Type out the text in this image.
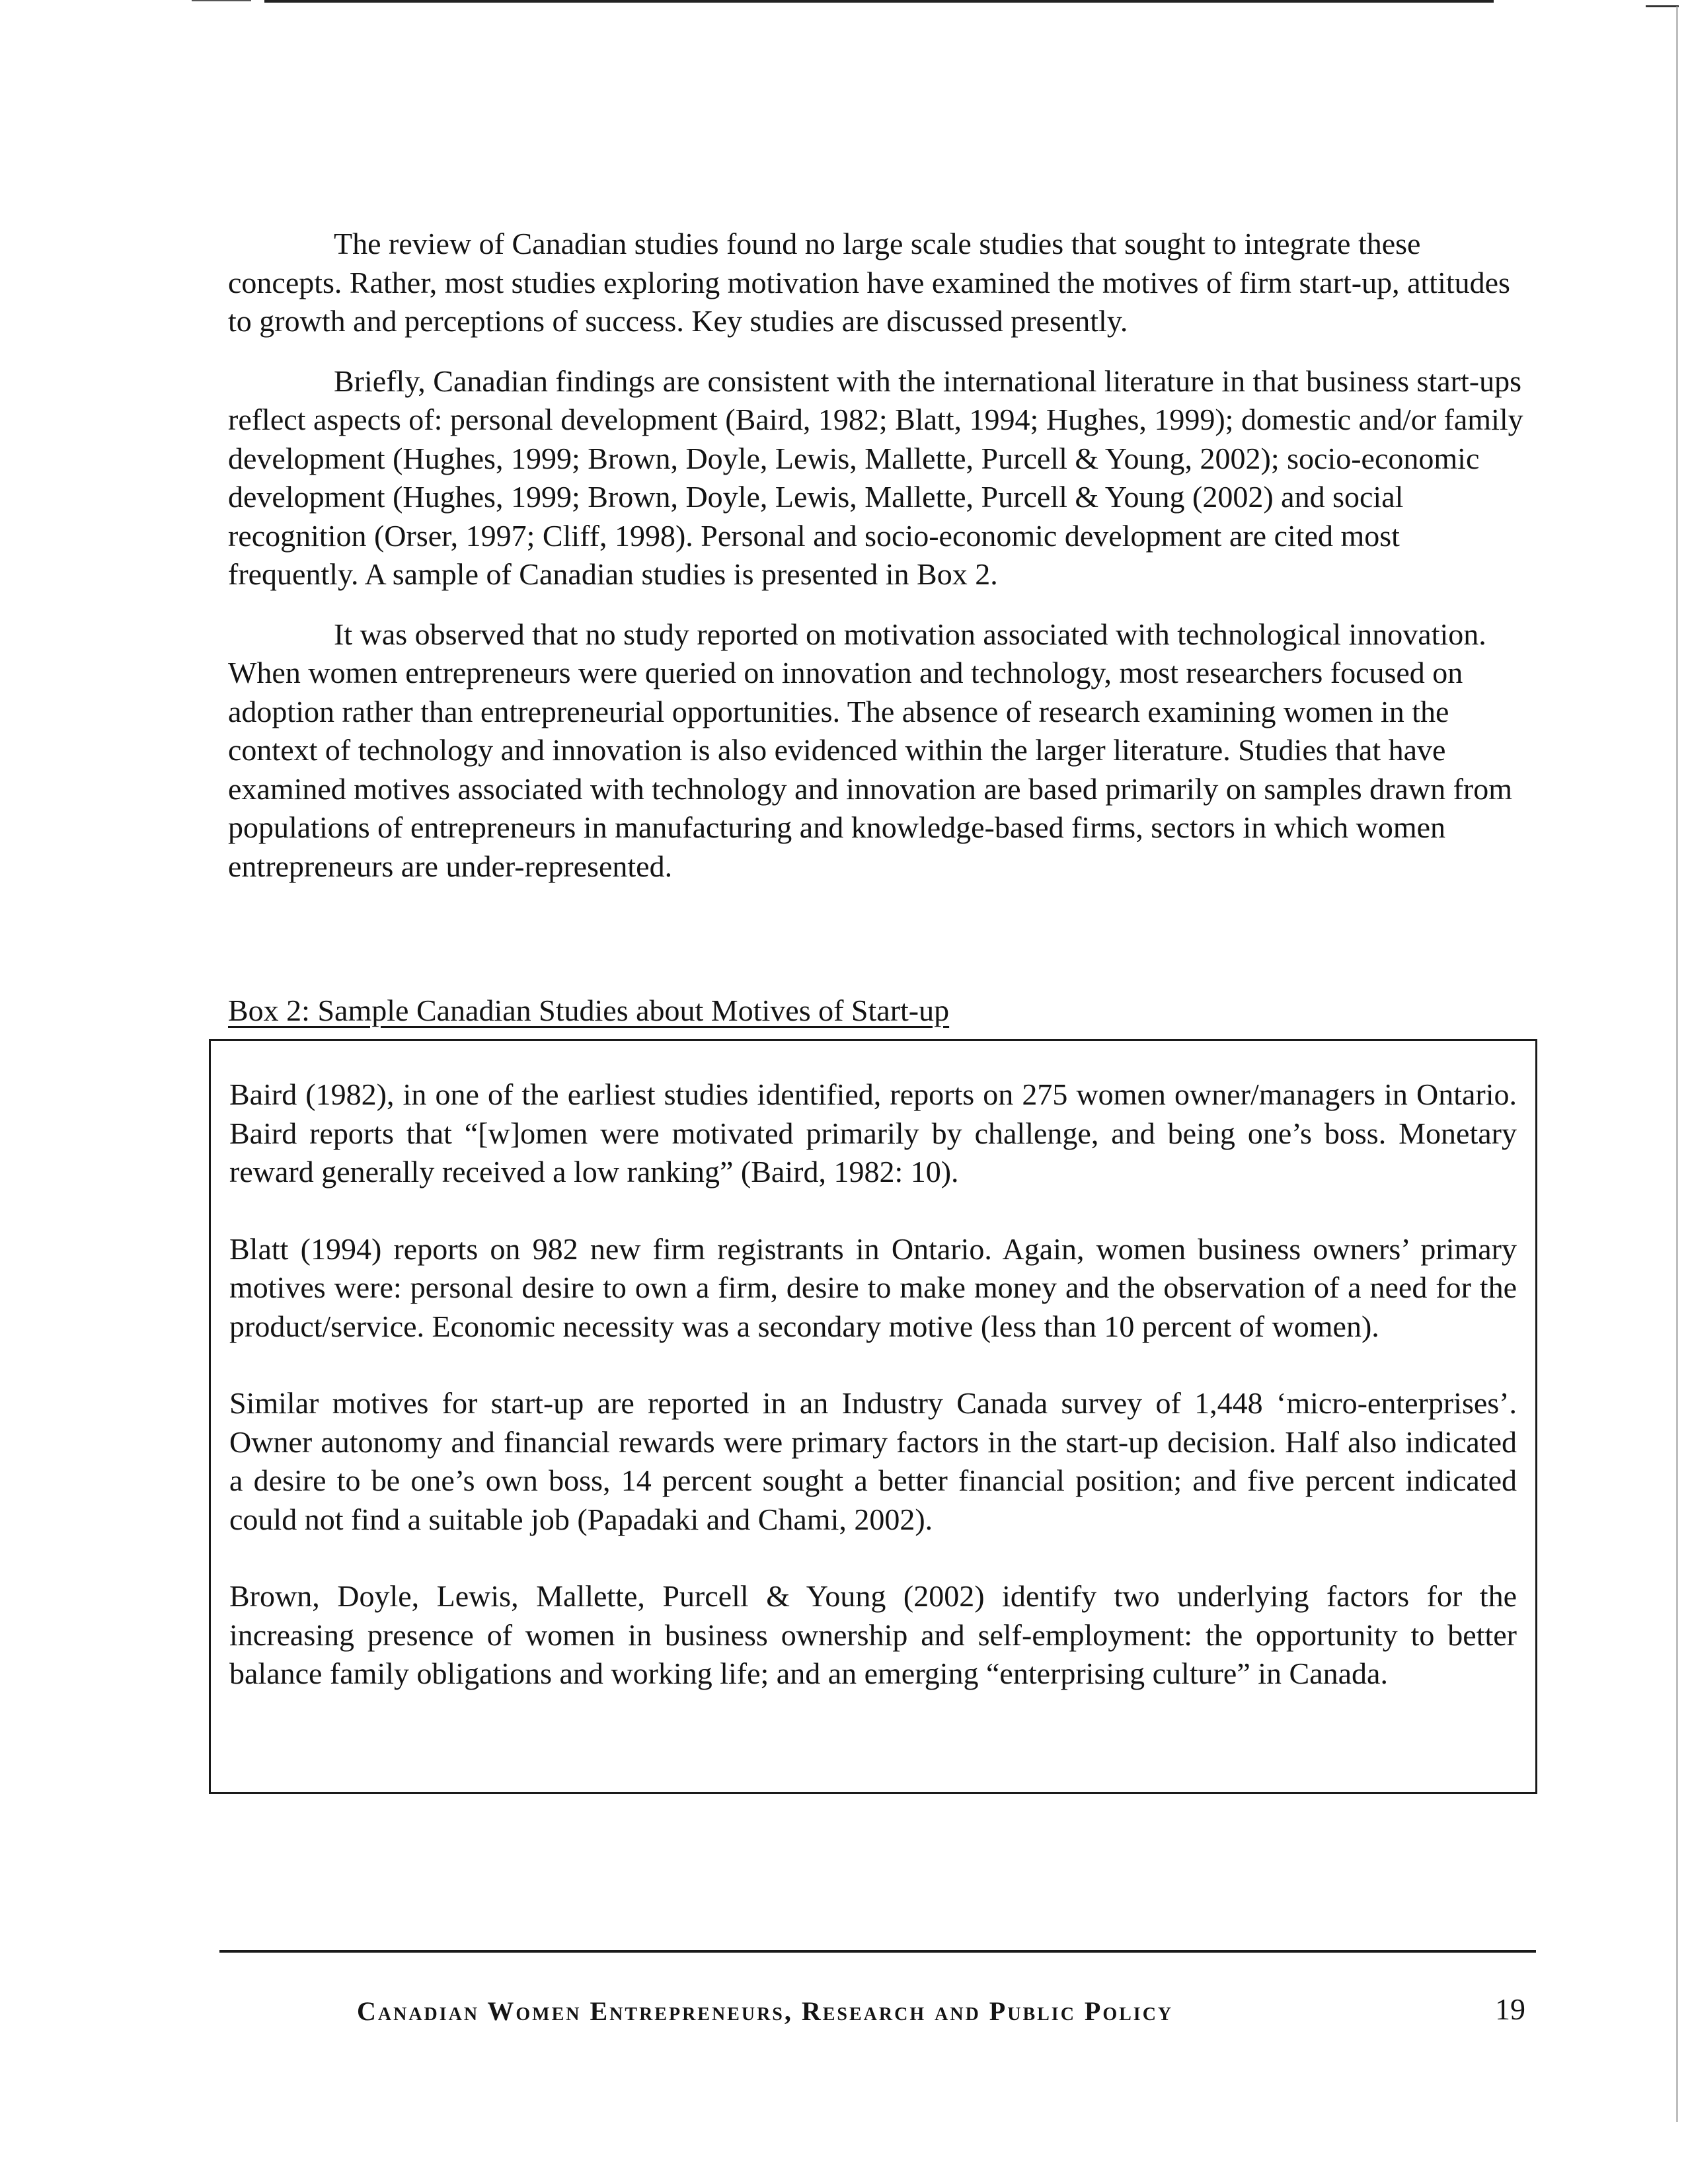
The review of Canadian studies found no large scale studies that sought to integrate these concepts. Rather, most studies exploring motivation have examined the motives of firm start-up, attitudes to growth and perceptions of success. Key studies are discussed presently.

Briefly, Canadian findings are consistent with the international literature in that business start-ups reflect aspects of: personal development (Baird, 1982; Blatt, 1994; Hughes, 1999); domestic and/or family development (Hughes, 1999; Brown, Doyle, Lewis, Mallette, Purcell & Young, 2002); socio-economic development (Hughes, 1999; Brown, Doyle, Lewis, Mallette, Purcell & Young (2002) and social recognition (Orser, 1997; Cliff, 1998). Personal and socio-economic development are cited most frequently. A sample of Canadian studies is presented in Box 2.

It was observed that no study reported on motivation associated with technological innovation. When women entrepreneurs were queried on innovation and technology, most researchers focused on adoption rather than entrepreneurial opportunities. The absence of research examining women in the context of technology and innovation is also evidenced within the larger literature. Studies that have examined motives associated with technology and innovation are based primarily on samples drawn from populations of entrepreneurs in manufacturing and knowledge-based firms, sectors in which women entrepreneurs are under-represented.

Box 2: Sample Canadian Studies about Motives of Start-up

Baird (1982), in one of the earliest studies identified, reports on 275 women owner/managers in Ontario. Baird reports that “[w]omen were motivated primarily by challenge, and being one’s boss. Monetary reward generally received a low ranking” (Baird, 1982: 10).

Blatt (1994) reports on 982 new firm registrants in Ontario. Again, women business owners’ primary motives were: personal desire to own a firm, desire to make money and the observation of a need for the product/service. Economic necessity was a secondary motive (less than 10 percent of women).

Similar motives for start-up are reported in an Industry Canada survey of 1,448 ‘micro-enterprises’. Owner autonomy and financial rewards were primary factors in the start-up decision. Half also indicated a desire to be one’s own boss, 14 percent sought a better financial position; and five percent indicated could not find a suitable job (Papadaki and Chami, 2002).

Brown, Doyle, Lewis, Mallette, Purcell & Young (2002) identify two underlying factors for the increasing presence of women in business ownership and self-employment: the opportunity to better balance family obligations and working life; and an emerging “enterprising culture” in Canada.

Canadian Women Entrepreneurs, Research and Public Policy	19
